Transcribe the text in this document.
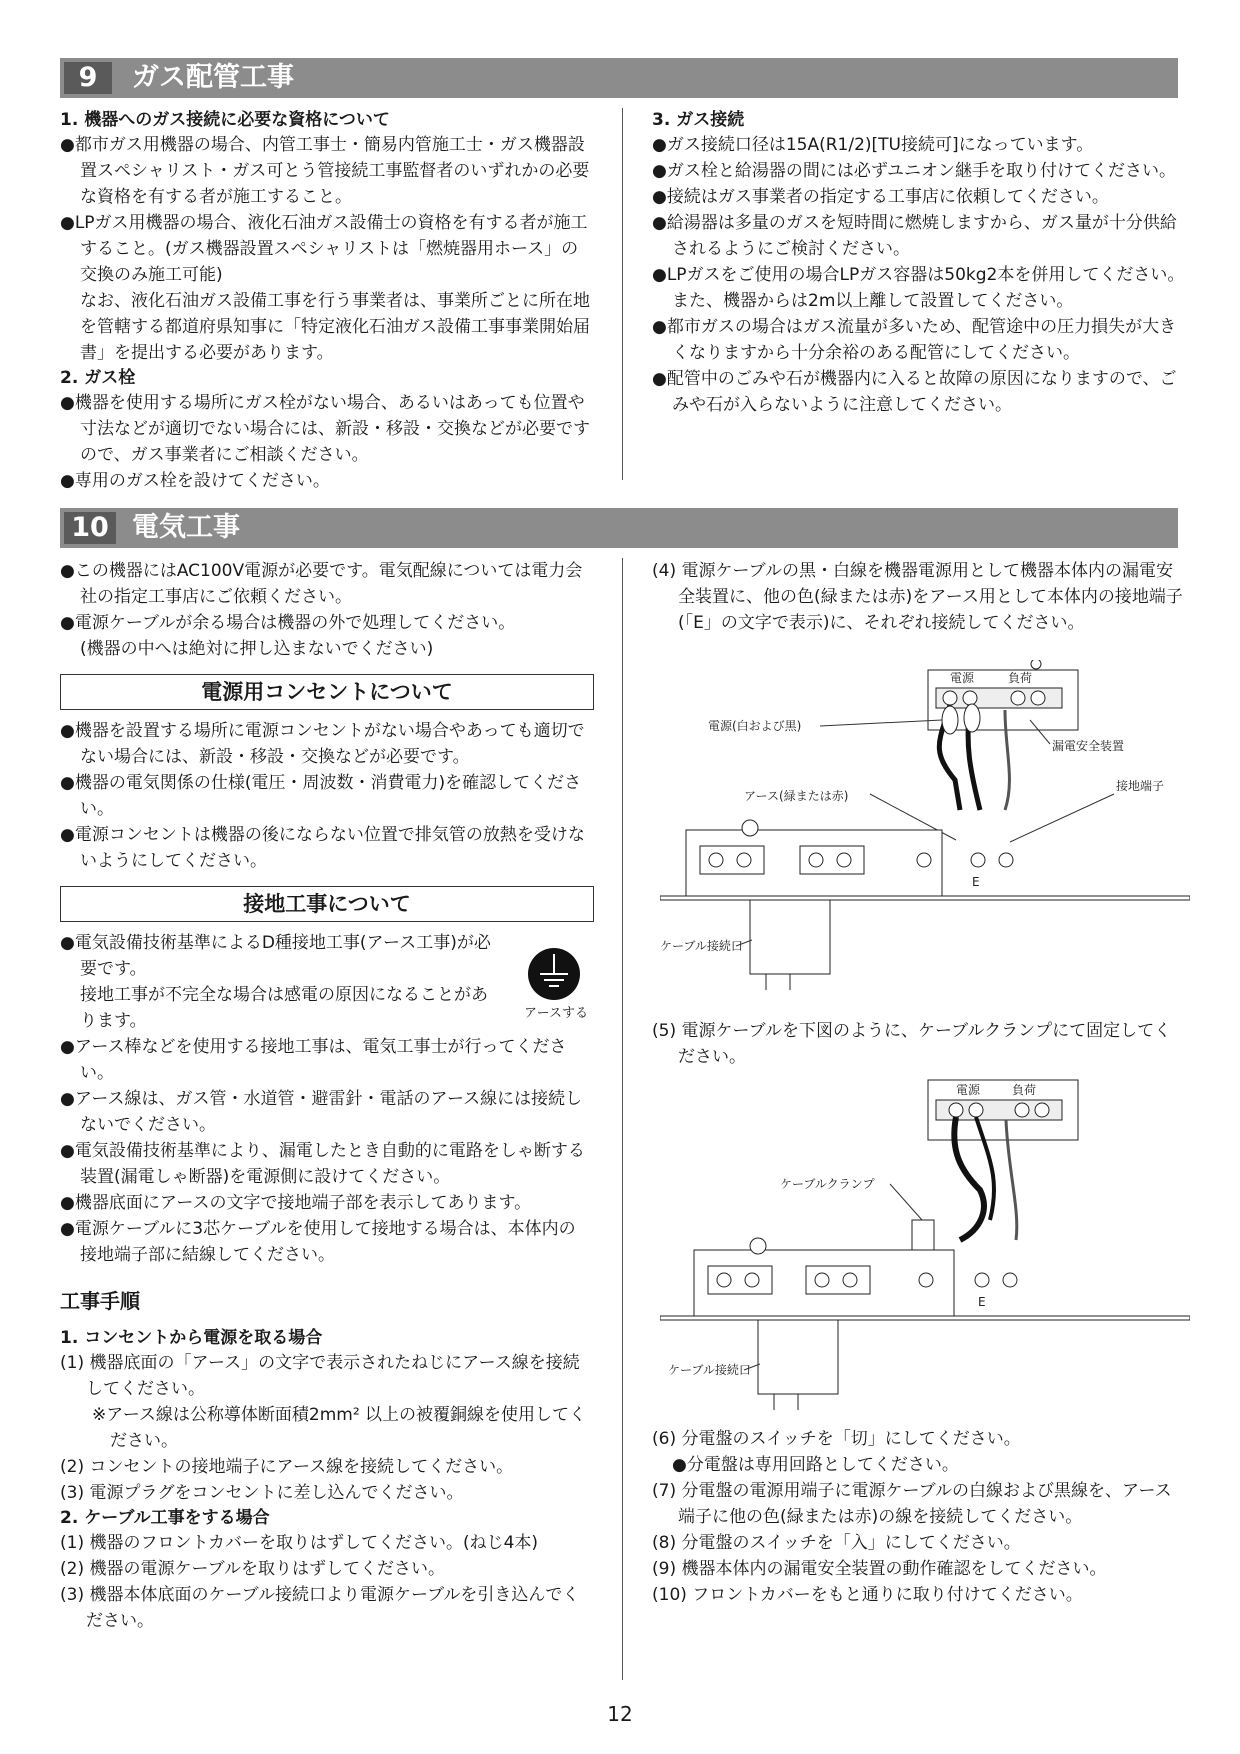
9	ガス配管工事

1. 機器へのガス接続に必要な資格について

●都市ガス用機器の場合、内管工事士・簡易内管施工士・ガス機器設置スペシャリスト・ガス可とう管接続工事監督者のいずれかの必要な資格を有する者が施工すること。

●LPガス用機器の場合、液化石油ガス設備士の資格を有する者が施工すること。(ガス機器設置スペシャリストは「燃焼器用ホース」の交換のみ施工可能)

なお、液化石油ガス設備工事を行う事業者は、事業所ごとに所在地を管轄する都道府県知事に「特定液化石油ガス設備工事事業開始届書」を提出する必要があります。

2. ガス栓

●機器を使用する場所にガス栓がない場合、あるいはあっても位置や寸法などが適切でない場合には、新設・移設・交換などが必要ですので、ガス事業者にご相談ください。

●専用のガス栓を設けてください。

3. ガス接続

●ガス接続口径は15A(R1/2)[TU接続可]になっています。

●ガス栓と給湯器の間には必ずユニオン継手を取り付けてください。

●接続はガス事業者の指定する工事店に依頼してください。

●給湯器は多量のガスを短時間に燃焼しますから、ガス量が十分供給されるようにご検討ください。

●LPガスをご使用の場合LPガス容器は50kg2本を併用してください。また、機器からは2m以上離して設置してください。

●都市ガスの場合はガス流量が多いため、配管途中の圧力損失が大きくなりますから十分余裕のある配管にしてください。

●配管中のごみや石が機器内に入ると故障の原因になりますので、ごみや石が入らないように注意してください。

10 電気工事

●この機器にはAC100V電源が必要です。電気配線については電力会社の指定工事店にご依頼ください。

●電源ケーブルが余る場合は機器の外で処理してください。

(機器の中へは絶対に押し込まないでください)

電源用コンセントについて

●機器を設置する場所に電源コンセントがない場合やあっても適切でない場合には、新設・移設・交換などが必要です。

●機器の電気関係の仕様(電圧・周波数・消費電力)を確認してください。

●電源コンセントは機器の後にならない位置で排気管の放熱を受けないようにしてください。

接地工事について

●電気設備技術基準によるD種接地工事(アース工事)が必要です。

接地工事が不完全な場合は感電の原因になることがあります。	アースする

●アース棒などを使用する接地工事は、電気工事士が行ってください。

●アース線は、ガス管・水道管・避雷針・電話のアース線には接続しないでください。

●電気設備技術基準により、漏電したとき自動的に電路をしゃ断する装置(漏電しゃ断器)を電源側に設けてください。

●機器底面にアースの文字で接地端子部を表示してあります。

●電源ケーブルに3芯ケーブルを使用して接地する場合は、本体内の接地端子部に結線してください。

工事手順

1. コンセントから電源を取る場合

(1) 機器底面の「アース」の文字で表示されたねじにアース線を接続してください。

※アース線は公称導体断面積2mm² 以上の被覆銅線を使用してください。

(2) コンセントの接地端子にアース線を接続してください。

(3) 電源プラグをコンセントに差し込んでください。

2. ケーブル工事をする場合

(1) 機器のフロントカバーを取りはずしてください。(ねじ4本)

(2) 機器の電源ケーブルを取りはずしてください。

(3) 機器本体底面のケーブル接続口より電源ケーブルを引き込んでください。

(4) 電源ケーブルの黒・白線を機器電源用として機器本体内の漏電安全装置に、他の色(緑または赤)をアース用として本体内の接地端子(「E」の文字で表示)に、それぞれ接続してください。

電源	負荷
電源(白および黒)
漏電安全装置
アース(緑または赤)
接地端子
E
ケーブル接続口

(5) 電源ケーブルを下図のように、ケーブルクランプにて固定してください。

電源	負荷
ケーブルクランプ
E
ケーブル接続口

(6) 分電盤のスイッチを「切」にしてください。

●分電盤は専用回路としてください。

(7) 分電盤の電源用端子に電源ケーブルの白線および黒線を、アース端子に他の色(緑または赤)の線を接続してください。

(8) 分電盤のスイッチを「入」にしてください。

(9) 機器本体内の漏電安全装置の動作確認をしてください。

(10) フロントカバーをもと通りに取り付けてください。

12
